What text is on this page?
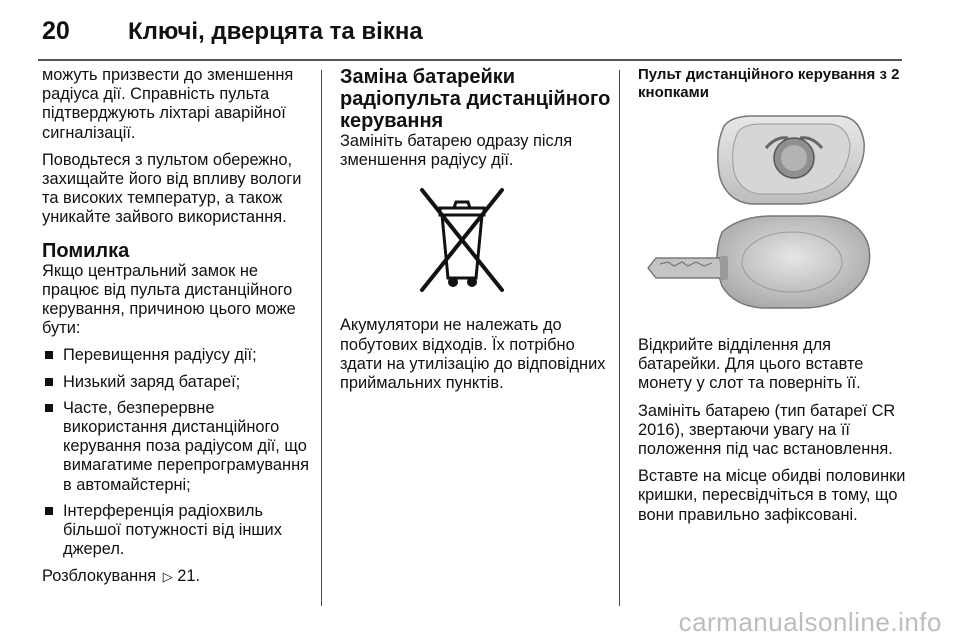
20 Ключі, дверцята та вікна

можуть призвести до зменшення радіуса дії. Справність пульта підтверджують ліхтарі аварійної сигналізації.

Поводьтеся з пультом обережно, захищайте його від впливу вологи та високих температур, а також уникайте зайвого використання.

Помилка

Якщо центральний замок не працює від пульта дистанційного керування, причиною цього може бути:

Перевищення радіусу дії;
Низький заряд батареї;
Часте, безперервне використання дистанційного керування поза радіусом дії, що вимагатиме перепрограмування в автомайстерні;
Інтерференція радіохвиль більшої потужності від інших джерел.

Розблокування ▷ 21.

Заміна батарейки радіопульта дистанційного керування

Замініть батарею одразу після зменшення радіусу дії.

Акумулятори не належать до побутових відходів. Їх потрібно здати на утилізацію до відповідних приймальних пунктів.

Пульт дистанційного керування з 2 кнопками

Відкрийте відділення для батарейки. Для цього вставте монету у слот та поверніть її.

Замініть батарею (тип батареї CR 2016), звертаючи увагу на її положення під час встановлення.

Вставте на місце обидві половинки кришки, пересвідчіться в тому, що вони правильно зафіксовані.

carmanualsonline.info
